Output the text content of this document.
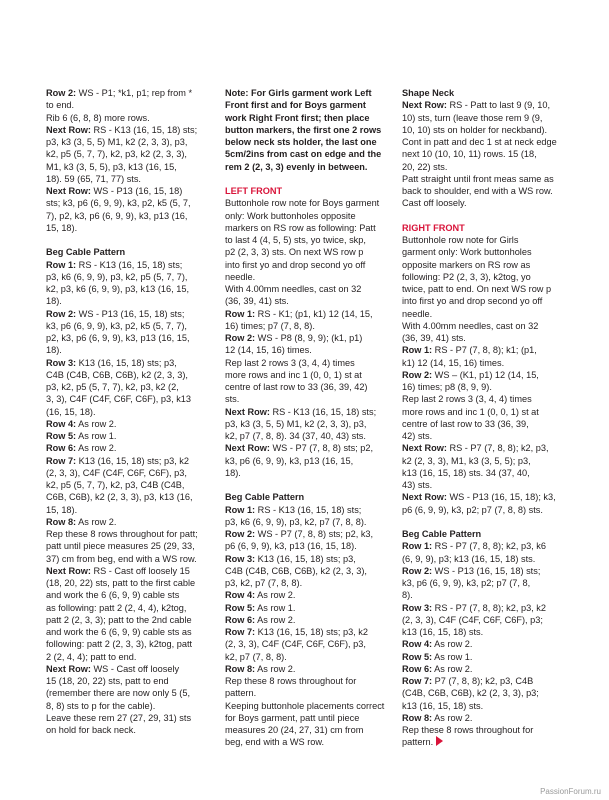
Row 2: WS - P1; *k1, p1; rep from *
to end.

Rib 6 (6, 8, 8) more rows.

Next Row: RS - K13 (16, 15, 18) sts;
p3, k3 (3, 5, 5) M1, k2 (2, 3, 3), p3,
k2, p5 (5, 7, 7), k2, p3, k2 (2, 3, 3),
M1, k3 (3, 5, 5), p3, k13 (16, 15,
18). 59 (65, 71, 77) sts.

Next Row: WS - P13 (16, 15, 18)
sts; k3, p6 (6, 9, 9), k3, p2, k5 (5, 7,
7), p2, k3, p6 (6, 9, 9), k3, p13 (16,
15, 18).

Beg Cable Pattern

Row 1: RS - K13 (16, 15, 18) sts;
p3, k6 (6, 9, 9), p3, k2, p5 (5, 7, 7),
k2, p3, k6 (6, 9, 9), p3, k13 (16, 15,
18).

Row 2: WS - P13 (16, 15, 18) sts;
k3, p6 (6, 9, 9), k3, p2, k5 (5, 7, 7),
p2, k3, p6 (6, 9, 9), k3, p13 (16, 15,
18).

Row 3: K13 (16, 15, 18) sts; p3,
C4B (C4B, C6B, C6B), k2 (2, 3, 3),
p3, k2, p5 (5, 7, 7), k2, p3, k2 (2,
3, 3), C4F (C4F, C6F, C6F), p3, k13
(16, 15, 18).

Row 4: As row 2.

Row 5: As row 1.

Row 6: As row 2.

Row 7: K13 (16, 15, 18) sts; p3, k2
(2, 3, 3), C4F (C4F, C6F, C6F), p3,
k2, p5 (5, 7, 7), k2, p3, C4B (C4B,
C6B, C6B), k2 (2, 3, 3), p3, k13 (16,
15, 18).

Row 8: As row 2.

Rep these 8 rows throughout for patt;
patt until piece measures 25 (29, 33,
37) cm from beg, end with a WS row.

Next Row: RS - Cast off loosely 15
(18, 20, 22) sts, patt to the first cable
and work the 6 (6, 9, 9) cable sts
as following: patt 2 (2, 4, 4), k2tog,
patt 2 (2, 3, 3); patt to the 2nd cable
and work the 6 (6, 9, 9) cable sts as
following: patt 2 (2, 3, 3), k2tog, patt
2 (2, 4, 4); patt to end.

Next Row: WS - Cast off loosely
15 (18, 20, 22) sts, patt to end
(remember there are now only 5 (5,
8, 8) sts to p for the cable).

Leave these rem 27 (27, 29, 31) sts
on hold for back neck.

Note: For Girls garment work Left
Front first and for Boys garment
work Right Front first; then place
button markers, the first one 2 rows
below neck sts holder, the last one
5cm/2ins from cast on edge and the
rem 2 (2, 3, 3) evenly in between.

LEFT FRONT

Buttonhole row note for Boys garment
only: Work buttonholes opposite
markers on RS row as following: Patt
to last 4 (4, 5, 5) sts, yo twice, skp,
p2 (2, 3, 3) sts. On next WS row p
into first yo and drop second yo off
needle.

With 4.00mm needles, cast on 32
(36, 39, 41) sts.

Row 1: RS - K1; (p1, k1) 12 (14, 15,
16) times; p7 (7, 8, 8).

Row 2: WS - P8 (8, 9, 9); (k1, p1)
12 (14, 15, 16) times.

Rep last 2 rows 3 (3, 4, 4) times
more rows and inc 1 (0, 0, 1) st at
centre of last row to 33 (36, 39, 42)
sts.

Next Row: RS - K13 (16, 15, 18) sts;
p3, k3 (3, 5, 5) M1, k2 (2, 3, 3), p3,
k2, p7 (7, 8, 8). 34 (37, 40, 43) sts.

Next Row: WS - P7 (7, 8, 8) sts; p2,
k3, p6 (6, 9, 9), k3, p13 (16, 15,
18).

Beg Cable Pattern

Row 1: RS - K13 (16, 15, 18) sts;
p3, k6 (6, 9, 9), p3, k2, p7 (7, 8, 8).

Row 2: WS - P7 (7, 8, 8) sts; p2, k3,
p6 (6, 9, 9), k3, p13 (16, 15, 18).

Row 3: K13 (16, 15, 18) sts; p3,
C4B (C4B, C6B, C6B), k2 (2, 3, 3),
p3, k2, p7 (7, 8, 8).

Row 4: As row 2.

Row 5: As row 1.

Row 6: As row 2.

Row 7: K13 (16, 15, 18) sts; p3, k2
(2, 3, 3), C4F (C4F, C6F, C6F), p3,
k2, p7 (7, 8, 8).

Row 8: As row 2.

Rep these 8 rows throughout for
pattern.

Keeping buttonhole placements correct
for Boys garment, patt until piece
measures 20 (24, 27, 31) cm from
beg, end with a WS row.

Shape Neck

Next Row: RS - Patt to last 9 (9, 10,
10) sts, turn (leave those rem 9 (9,
10, 10) sts on holder for neckband).

Cont in patt and dec 1 st at neck edge
next 10 (10, 10, 11) rows. 15 (18,
20, 22) sts.

Patt straight until front meas same as
back to shoulder, end with a WS row.
Cast off loosely.

RIGHT FRONT

Buttonhole row note for Girls
garment only: Work buttonholes
opposite markers on RS row as
following: P2 (2, 3, 3), k2tog, yo
twice, patt to end. On next WS row p
into first yo and drop second yo off
needle.

With 4.00mm needles, cast on 32
(36, 39, 41) sts.

Row 1: RS - P7 (7, 8, 8); k1; (p1,
k1) 12 (14, 15, 16) times.

Row 2: WS – (K1, p1) 12 (14, 15,
16) times; p8 (8, 9, 9).

Rep last 2 rows 3 (3, 4, 4) times
more rows and inc 1 (0, 0, 1) st at
centre of last row to 33 (36, 39,
42) sts.

Next Row: RS - P7 (7, 8, 8); k2, p3,
k2 (2, 3, 3), M1, k3 (3, 5, 5); p3,
k13 (16, 15, 18) sts. 34 (37, 40,
43) sts.

Next Row: WS - P13 (16, 15, 18); k3,
p6 (6, 9, 9), k3, p2; p7 (7, 8, 8) sts.

Beg Cable Pattern

Row 1: RS - P7 (7, 8, 8); k2, p3, k6
(6, 9, 9), p3; k13 (16, 15, 18) sts.

Row 2: WS - P13 (16, 15, 18) sts;
k3, p6 (6, 9, 9), k3, p2; p7 (7, 8,
8).

Row 3: RS - P7 (7, 8, 8); k2, p3, k2
(2, 3, 3), C4F (C4F, C6F, C6F), p3;
k13 (16, 15, 18) sts.

Row 4: As row 2.

Row 5: As row 1.

Row 6: As row 2.

Row 7: P7 (7, 8, 8); k2, p3, C4B
(C4B, C6B, C6B), k2 (2, 3, 3), p3;
k13 (16, 15, 18) sts.

Row 8: As row 2.

Rep these 8 rows throughout for
pattern.

PassionForum.ru
